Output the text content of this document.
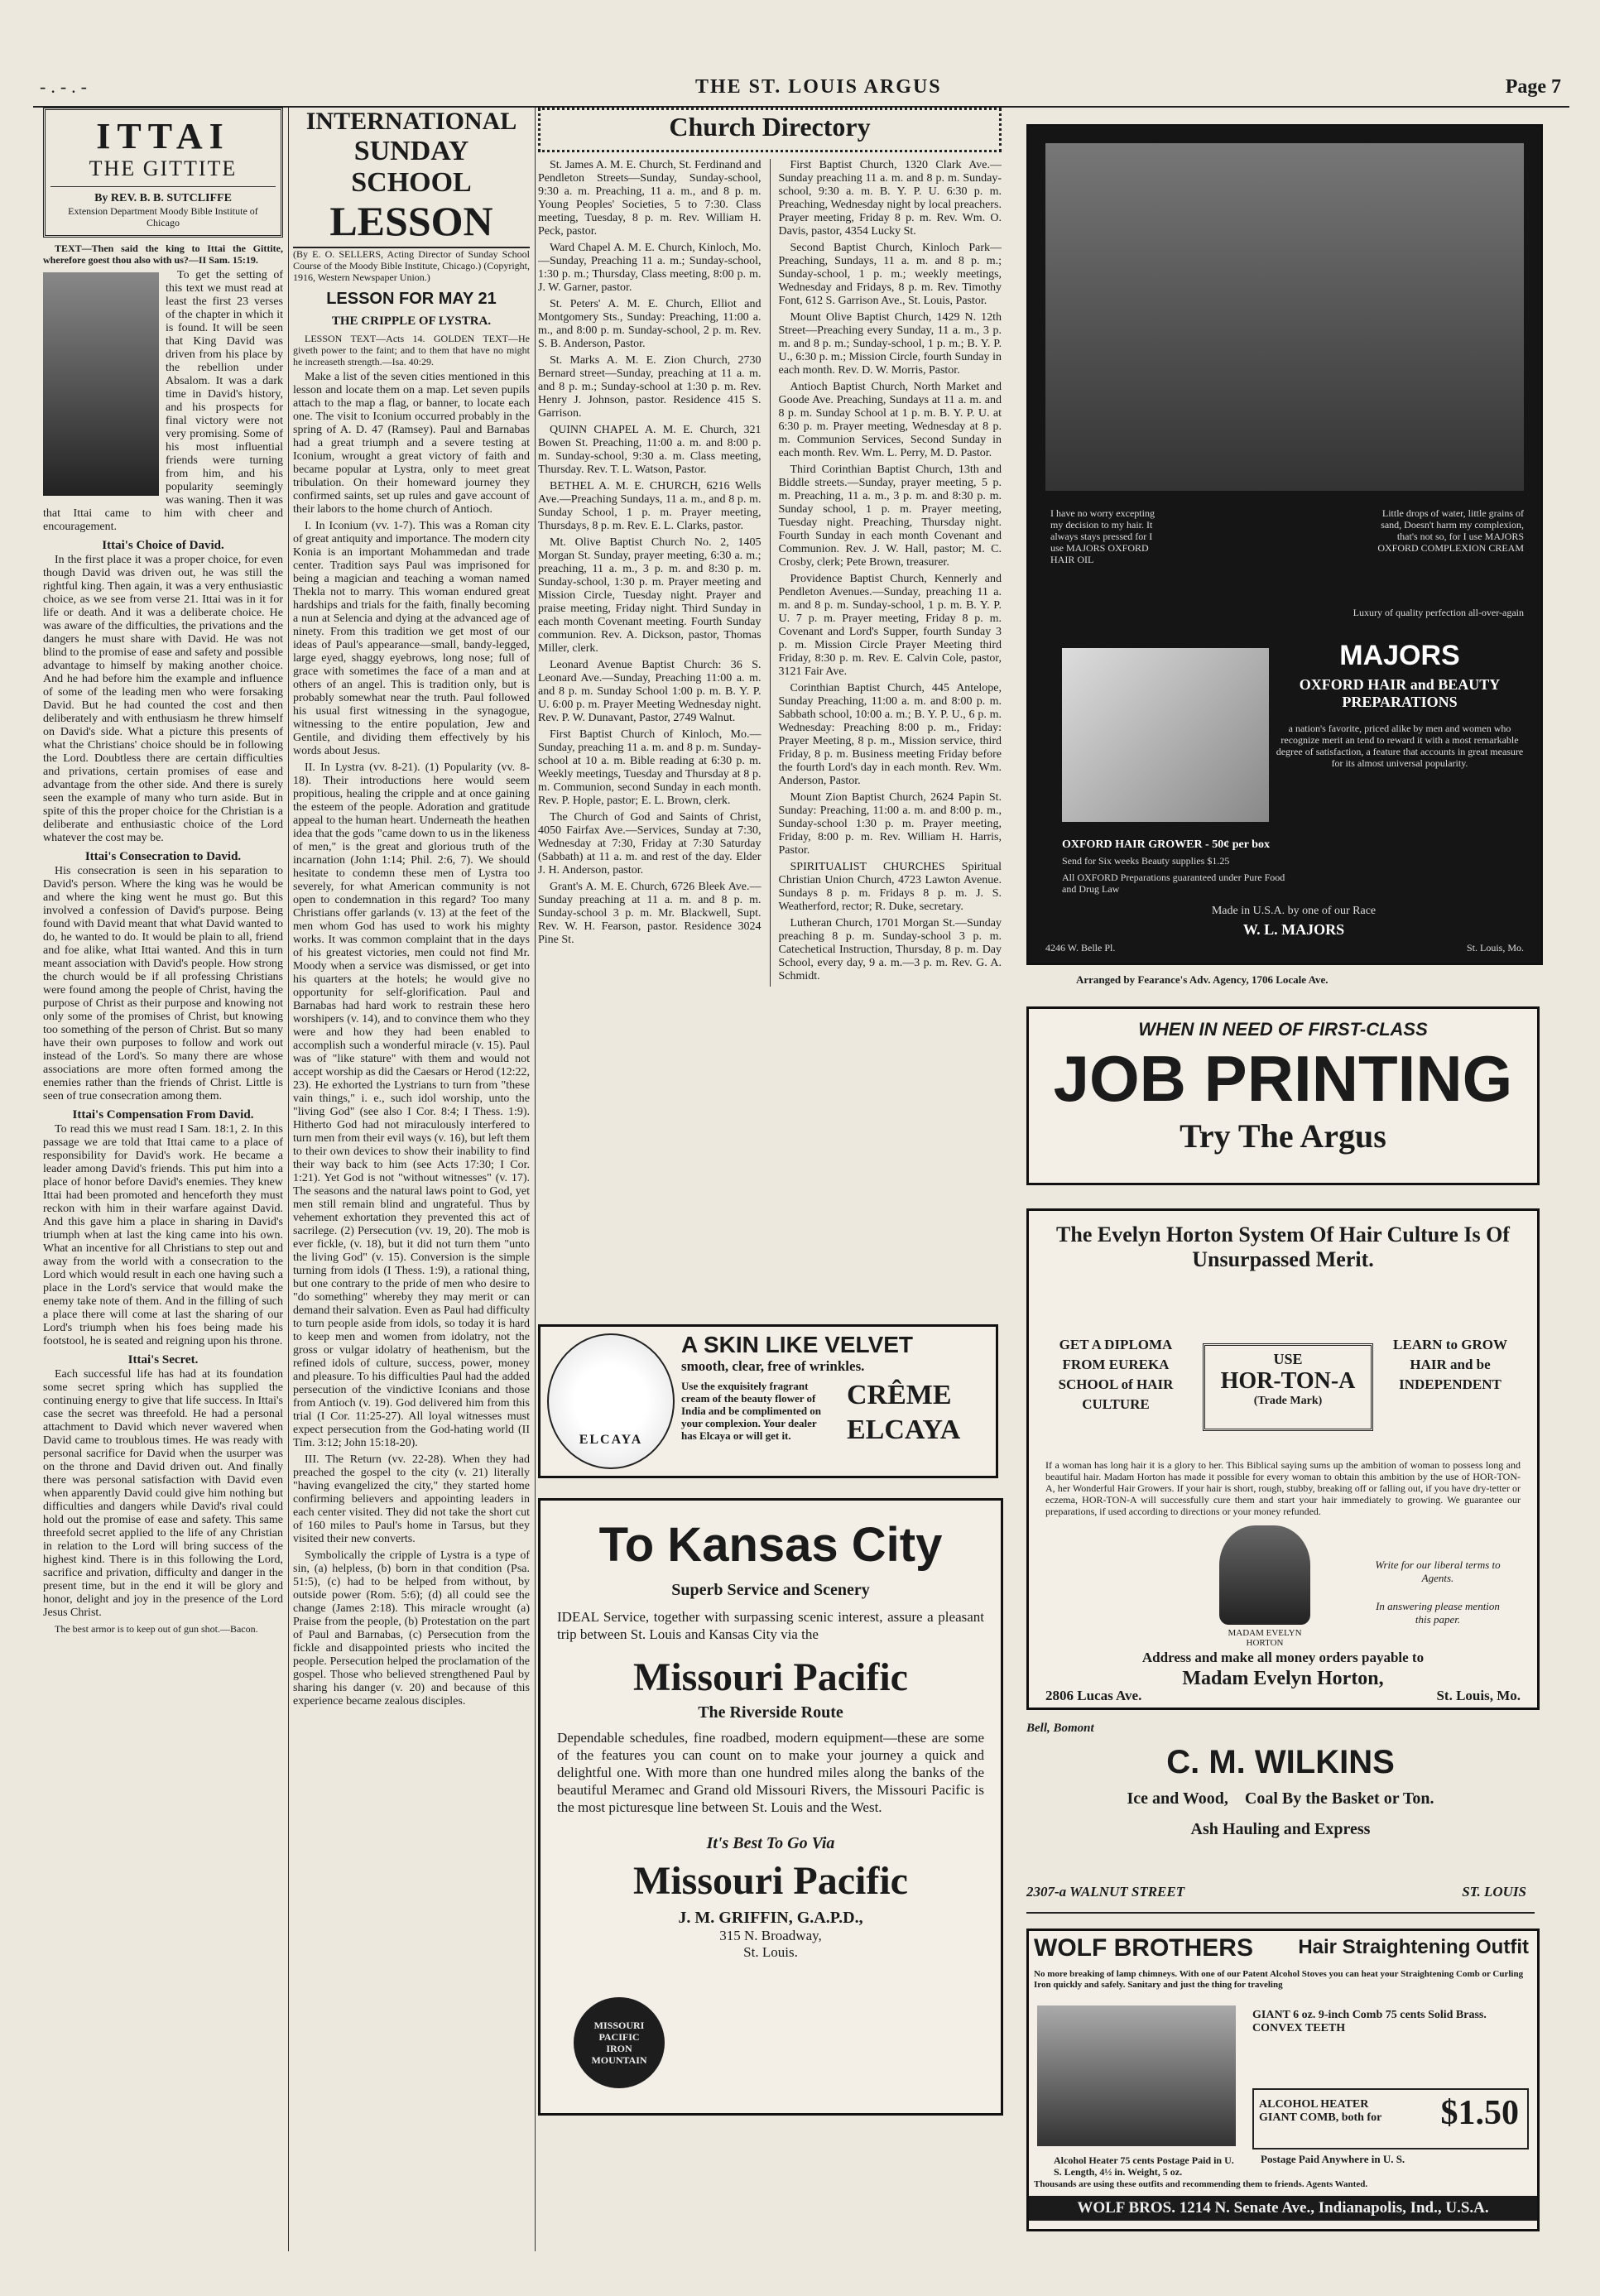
-.-.-	THE ST. LOUIS ARGUS	Page 7
ITTAI
THE GITTITE
By REV. B. B. SUTCLIFFE
Extension Department Moody Bible Institute of Chicago

TEXT—Then said the king to Ittai the Gittite, wherefore goest thou also with us?—II Sam. 15:19.

To get the setting of this text we must read at least the first 23 verses of the chapter in which it is found. It will be seen that King David was driven from his place by the rebellion under Absalom. It was a dark time in David's history, and his prospects for final victory were not very promising. Some of his most influential friends were turning from him, and his popularity seemingly was waning. Then it was that Ittai came to him with cheer and encouragement.

Ittai's Choice of David.

In the first place it was a proper choice, for even though David was driven out, he was still the rightful king. Then again, it was a very enthusiastic choice, as we see from verse 21. Ittai was in it for life or death. And it was a deliberate choice. He was aware of the difficulties, the privations and the dangers he must share with David. He was not blind to the promise of ease and safety and possible advantage to himself by making another choice. And he had before him the example and influence of some of the leading men who were forsaking David. But he had counted the cost and then deliberately and with enthusiasm he threw himself on David's side. What a picture this presents of what the Christians' choice should be in following the Lord. Doubtless there are certain difficulties and privations, certain promises of ease and advantage from the other side. And there is surely seen the example of many who turn aside. But in spite of this the proper choice for the Christian is a deliberate and enthusiastic choice of the Lord whatever the cost may be.

Ittai's Consecration to David.

His consecration is seen in his separation to David's person. Where the king was he would be and where the king went he must go. But this involved a confession of David's purpose. Being found with David meant that what David wanted to do, he wanted to do. It would be plain to all, friend and foe alike, what Ittai wanted. And this in turn meant association with David's people. How strong the church would be if all professing Christians were found among the people of Christ, having the purpose of Christ as their purpose and knowing not only some of the promises of Christ, but knowing too something of the person of Christ. But so many have their own purposes to follow and work out instead of the Lord's. So many there are whose associations are more often formed among the enemies rather than the friends of Christ. Little is seen of true consecration among them.

Ittai's Compensation From David.

To read this we must read I Sam. 18:1, 2. In this passage we are told that Ittai came to a place of responsibility for David's work. He became a leader among David's friends. This put him into a place of honor before David's enemies. They knew Ittai had been promoted and henceforth they must reckon with him in their warfare against David. And this gave him a place in sharing in David's triumph when at last the king came into his own. What an incentive for all Christians to step out and away from the world with a consecration to the Lord which would result in each one having such a place in the Lord's service that would make the enemy take note of them. And in the filling of such a place there will come at last the sharing of our Lord's triumph when his foes being made his footstool, he is seated and reigning upon his throne.

Ittai's Secret.

Each successful life has had at its foundation some secret spring which has supplied the continuing energy to give that life success. In Ittai's case the secret was threefold. He had a personal attachment to David which never wavered when David came to troublous times. He was ready with personal sacrifice for David when the usurper was on the throne and David driven out. And finally there was personal satisfaction with David even when apparently David could give him nothing but difficulties and dangers while David's rival could hold out the promise of ease and safety. This same threefold secret applied to the life of any Christian in relation to the Lord will bring success of the highest kind. There is in this following the Lord, sacrifice and privation, difficulty and danger in the present time, but in the end it will be glory and honor, delight and joy in the presence of the Lord Jesus Christ.

The best armor is to keep out of gun shot.—Bacon.

INTERNATIONAL
SUNDAY SCHOOL
LESSON

(By E. O. SELLERS, Acting Director of Sunday School Course of the Moody Bible Institute, Chicago.) (Copyright, 1916, Western Newspaper Union.)

LESSON FOR MAY 21
THE CRIPPLE OF LYSTRA.

LESSON TEXT—Acts 14. GOLDEN TEXT—He giveth power to the faint; and to them that have no might he increaseth strength.—Isa. 40:29.

Make a list of the seven cities mentioned in this lesson and locate them on a map. Let seven pupils attach to the map a flag, or banner, to locate each one. The visit to Iconium occurred probably in the spring of A. D. 47 (Ramsey). Paul and Barnabas had a great triumph and a severe testing at Iconium, wrought a great victory of faith and became popular at Lystra, only to meet great tribulation. On their homeward journey they confirmed saints, set up rules and gave account of their labors to the home church of Antioch.

I. In Iconium (vv. 1-7). This was a Roman city of great antiquity and importance. The modern city Konia is an important Mohammedan and trade center. Tradition says Paul was imprisoned for being a magician and teaching a woman named Thekla not to marry. This woman endured great hardships and trials for the faith, finally becoming a nun at Selencia and dying at the advanced age of ninety. From this tradition we get most of our ideas of Paul's appearance—small, bandy-legged, large eyed, shaggy eyebrows, long nose; full of grace with sometimes the face of a man and at others of an angel. This is tradition only, but is probably somewhat near the truth. Paul followed his usual first witnessing in the synagogue, witnessing to the entire population, Jew and Gentile, and dividing them effectively by his words about Jesus.

II. In Lystra (vv. 8-21). (1) Popularity (vv. 8-18). Their introductions here would seem propitious, healing the cripple and at once gaining the esteem of the people. Adoration and gratitude appeal to the human heart. Underneath the heathen idea that the gods "came down to us in the likeness of men," is the great and glorious truth of the incarnation (John 1:14; Phil. 2:6, 7). We should hesitate to condemn these men of Lystra too severely, for what American community is not open to condemnation in this regard? Too many Christians offer garlands (v. 13) at the feet of the men whom God has used to work his mighty works. It was common complaint that in the days of his greatest victories, men could not find Mr. Moody when a service was dismissed, or get into his quarters at the hotels; he would give no opportunity for self-glorification. Paul and Barnabas had hard work to restrain these hero worshipers (v. 14), and to convince them who they were and how they had been enabled to accomplish such a wonderful miracle (v. 15). Paul was of "like stature" with them and would not accept worship as did the Caesars or Herod (12:22, 23). He exhorted the Lystrians to turn from "these vain things," i. e., such idol worship, unto the "living God" (see also I Cor. 8:4; I Thess. 1:9). Hitherto God had not miraculously interfered to turn men from their evil ways (v. 16), but left them to their own devices to show their inability to find their way back to him (see Acts 17:30; I Cor. 1:21). Yet God is not "without witnesses" (v. 17). The seasons and the natural laws point to God, yet men still remain blind and ungrateful. Thus by vehement exhortation they prevented this act of sacrilege. (2) Persecution (vv. 19, 20). The mob is ever fickle, (v. 18), but it did not turn them "unto the living God" (v. 15). Conversion is the simple turning from idols (I Thess. 1:9), a rational thing, but one contrary to the pride of men who desire to "do something" whereby they may merit or can demand their salvation. Even as Paul had difficulty to turn people aside from idols, so today it is hard to keep men and women from idolatry, not the gross or vulgar idolatry of heathenism, but the refined idols of culture, success, power, money and pleasure. To his difficulties Paul had the added persecution of the vindictive Iconians and those from Antioch (v. 19). God delivered him from this trial (I Cor. 11:25-27). All loyal witnesses must expect persecution from the God-hating world (II Tim. 3:12; John 15:18-20).

III. The Return (vv. 22-28). When they had preached the gospel to the city (v. 21) literally "having evangelized the city," they started home confirming believers and appointing leaders in each center visited. They did not take the short cut of 160 miles to Paul's home in Tarsus, but they visited their new converts.

Symbolically the cripple of Lystra is a type of sin, (a) helpless, (b) born in that condition (Psa. 51:5), (c) had to be helped from without, by outside power (Rom. 5:6); (d) all could see the change (James 2:18). This miracle wrought (a) Praise from the people, (b) Protestation on the part of Paul and Barnabas, (c) Persecution from the fickle and disappointed priests who incited the people. Persecution helped the proclamation of the gospel. Those who believed strengthened Paul by sharing his danger (v. 20) and because of this experience became zealous disciples.

Church Directory

St. James A. M. E. Church, St. Ferdinand and Pendleton Streets—Sunday, Sunday-school, 9:30 a. m. Preaching, 11 a. m., and 8 p. m. Young Peoples' Societies, 5 to 7:30. Class meeting, Tuesday, 8 p. m. Rev. William H. Peck, pastor.

Ward Chapel A. M. E. Church, Kinloch, Mo.—Sunday, Preaching 11 a. m.; Sunday-school, 1:30 p. m.; Thursday, Class meeting, 8:00 p. m. J. W. Garner, pastor.

St. Peters' A. M. E. Church, Elliot and Montgomery Sts., Sunday: Preaching, 11:00 a. m., and 8:00 p. m. Sunday-school, 2 p. m. Rev. S. B. Anderson, Pastor.

St. Marks A. M. E. Zion Church, 2730 Bernard street—Sunday, preaching at 11 a. m. and 8 p. m.; Sunday-school at 1:30 p. m. Rev. Henry J. Johnson, pastor. Residence 415 S. Garrison.

QUINN CHAPEL A. M. E. Church, 321 Bowen St. Preaching, 11:00 a. m. and 8:00 p. m. Sunday-school, 9:30 a. m. Class meeting, Thursday. Rev. T. L. Watson, Pastor.

BETHEL A. M. E. CHURCH, 6216 Wells Ave.—Preaching Sundays, 11 a. m., and 8 p. m. Sunday School, 1 p. m. Prayer meeting, Thursdays, 8 p. m. Rev. E. L. Clarks, pastor.

Mt. Olive Baptist Church No. 2, 1405 Morgan St. Sunday, prayer meeting, 6:30 a. m.; preaching, 11 a. m., 3 p. m. and 8:30 p. m. Sunday-school, 1:30 p. m. Prayer meeting and Mission Circle, Tuesday night. Prayer and praise meeting, Friday night. Third Sunday in each month Covenant meeting. Fourth Sunday communion. Rev. A. Dickson, pastor, Thomas Miller, clerk.

Leonard Avenue Baptist Church: 36 S. Leonard Ave.—Sunday, Preaching 11:00 a. m. and 8 p. m. Sunday School 1:00 p. m. B. Y. P. U. 6:00 p. m. Prayer Meeting Wednesday night. Rev. P. W. Dunavant, Pastor, 2749 Walnut.

First Baptist Church of Kinloch, Mo.—Sunday, preaching 11 a. m. and 8 p. m. Sunday-school at 10 a. m. Bible reading at 6:30 p. m. Weekly meetings, Tuesday and Thursday at 8 p. m. Communion, second Sunday in each month. Rev. P. Hople, pastor; E. L. Brown, clerk.

The Church of God and Saints of Christ, 4050 Fairfax Ave.—Services, Sunday at 7:30, Wednesday at 7:30, Friday at 7:30 Saturday (Sabbath) at 11 a. m. and rest of the day. Elder J. H. Anderson, pastor.

Grant's A. M. E. Church, 6726 Bleek Ave.—Sunday preaching at 11 a. m. and 8 p. m. Sunday-school 3 p. m. Mr. Blackwell, Supt. Rev. W. H. Fearson, pastor. Residence 3024 Pine St.

First Baptist Church, 1320 Clark Ave.—Sunday preaching 11 a. m. and 8 p. m. Sunday-school, 9:30 a. m. B. Y. P. U. 6:30 p. m. Preaching, Wednesday night by local preachers. Prayer meeting, Friday 8 p. m. Rev. Wm. O. Davis, pastor, 4354 Lucky St.

Second Baptist Church, Kinloch Park—Preaching, Sundays, 11 a. m. and 8 p. m.; Sunday-school, 1 p. m.; weekly meetings, Wednesday and Fridays, 8 p. m. Rev. Timothy Font, 612 S. Garrison Ave., St. Louis, Pastor.

Mount Olive Baptist Church, 1429 N. 12th Street—Preaching every Sunday, 11 a. m., 3 p. m. and 8 p. m.; Sunday-school, 1 p. m.; B. Y. P. U., 6:30 p. m.; Mission Circle, fourth Sunday in each month. Rev. D. W. Morris, Pastor.

Antioch Baptist Church, North Market and Goode Ave. Preaching, Sundays at 11 a. m. and 8 p. m. Sunday School at 1 p. m. B. Y. P. U. at 6:30 p. m. Prayer meeting, Wednesday at 8 p. m. Communion Services, Second Sunday in each month. Rev. Wm. L. Perry, M. D. Pastor.

Third Corinthian Baptist Church, 13th and Biddle streets.—Sunday, prayer meeting, 5 p. m. Preaching, 11 a. m., 3 p. m. and 8:30 p. m. Sunday school, 1 p. m. Prayer meeting, Tuesday night. Preaching, Thursday night. Fourth Sunday in each month Covenant and Communion. Rev. J. W. Hall, pastor; M. C. Crosby, clerk; Pete Brown, treasurer.

Providence Baptist Church, Kennerly and Pendleton Avenues.—Sunday, preaching 11 a. m. and 8 p. m. Sunday-school, 1 p. m. B. Y. P. U. 7 p. m. Prayer meeting, Friday 8 p. m. Covenant and Lord's Supper, fourth Sunday 3 p. m. Mission Circle Prayer Meeting third Friday, 8:30 p. m. Rev. E. Calvin Cole, pastor, 3121 Fair Ave.

Corinthian Baptist Church, 445 Antelope, Sunday Preaching, 11:00 a. m. and 8:00 p. m. Sabbath school, 10:00 a. m.; B. Y. P. U., 6 p. m. Wednesday: Preaching 8:00 p. m., Friday: Prayer Meeting, 8 p. m., Mission service, third Friday, 8 p. m. Business meeting Friday before the fourth Lord's day in each month. Rev. Wm. Anderson, Pastor.

Mount Zion Baptist Church, 2624 Papin St. Sunday: Preaching, 11:00 a. m. and 8:00 p. m., Sunday-school 1:30 p. m. Prayer meeting, Friday, 8:00 p. m. Rev. William H. Harris, Pastor.

SPIRITUALIST CHURCHES Spiritual Christian Union Church, 4723 Lawton Avenue. Sundays 8 p. m. Fridays 8 p. m. J. S. Weatherford, rector; R. Duke, secretary.

Lutheran Church, 1701 Morgan St.—Sunday preaching 8 p. m. Sunday-school 3 p. m. Catechetical Instruction, Thursday, 8 p. m. Day School, every day, 9 a. m.—3 p. m. Rev. G. A. Schmidt.

ELCAYA
A SKIN LIKE VELVET
smooth, clear, free of wrinkles.
Use the exquisitely fragrant cream of the beauty flower of India and be complimented on your complexion. Your dealer has Elcaya or will get it.
CRÊME
ELCAYA
To Kansas City
Superb Service and Scenery
IDEAL Service, together with surpassing scenic interest, assure a pleasant trip between St. Louis and Kansas City via the
Missouri Pacific
The Riverside Route
Dependable schedules, fine roadbed, modern equipment—these are some of the features you can count on to make your journey a quick and delightful one. With more than one hundred miles along the banks of the beautiful Meramec and Grand old Missouri Rivers, the Missouri Pacific is the most picturesque line between St. Louis and the West.
It's Best To Go Via
Missouri Pacific
MISSOURI PACIFIC IRON MOUNTAIN
J. M. GRIFFIN, G.A.P.D.,
315 N. Broadway,
St. Louis.
I have no worry excepting my decision to my hair. It always stays pressed for I use MAJORS OXFORD HAIR OIL
Little drops of water, little grains of sand, Doesn't harm my complexion, that's not so, for I use MAJORS OXFORD COMPLEXION CREAM
Luxury of quality perfection all-over-again
MAJORS
OXFORD HAIR and BEAUTY PREPARATIONS
a nation's favorite, priced alike by men and women who recognize merit an tend to reward it with a most remarkable degree of satisfaction, a feature that accounts in great measure for its almost universal popularity.
OXFORD HAIR GROWER - 50¢ per box
Send for Six weeks Beauty supplies $1.25
All OXFORD Preparations guaranteed under Pure Food and Drug Law
Made in U.S.A. by one of our Race
W. L. MAJORS
4246 W. Belle Pl.	St. Louis, Mo.
Arranged by Fearance's Adv. Agency, 1706 Locale Ave.
WHEN IN NEED OF FIRST-CLASS
JOB PRINTING
Try The Argus
The Evelyn Horton System Of Hair Culture Is Of Unsurpassed Merit.
GET A DIPLOMA FROM EUREKA SCHOOL of HAIR CULTURE
USE
HOR-TON-A
(Trade Mark)
LEARN to GROW HAIR and be INDEPENDENT
If a woman has long hair it is a glory to her. This Biblical saying sums up the ambition of woman to possess long and beautiful hair. Madam Horton has made it possible for every woman to obtain this ambition by the use of HOR-TON-A, her Wonderful Hair Growers. If your hair is short, rough, stubby, breaking off or falling out, if you have dry-tetter or eczema, HOR-TON-A will successfully cure them and start your hair immediately to growing. We guarantee our preparations, if used according to directions or your money refunded.
MADAM EVELYN HORTON
Write for our liberal terms to Agents.
In answering please mention this paper.
Address and make all money orders payable to
Madam Evelyn Horton,
2806 Lucas Ave.	St. Louis, Mo.
Bell, Bomont
C. M. WILKINS
Ice and Wood,    Coal By the Basket or Ton.
Ash Hauling and Express
2307-a WALNUT STREET	ST. LOUIS
WOLF BROTHERS Hair Straightening Outfit
No more breaking of lamp chimneys. With one of our Patent Alcohol Stoves you can heat your Straightening Comb or Curling Iron quickly and safely. Sanitary and just the thing for traveling
GIANT 6 oz. 9-inch Comb 75 cents Solid Brass. CONVEX TEETH
Alcohol Heater 75 cents Postage Paid in U. S. Length, 4½ in. Weight, 5 oz.
ALCOHOL HEATER GIANT COMB, both for $1.50
Postage Paid Anywhere in U. S.
Thousands are using these outfits and recommending them to friends. Agents Wanted.
WOLF BROS. 1214 N. Senate Ave., Indianapolis, Ind., U.S.A.
